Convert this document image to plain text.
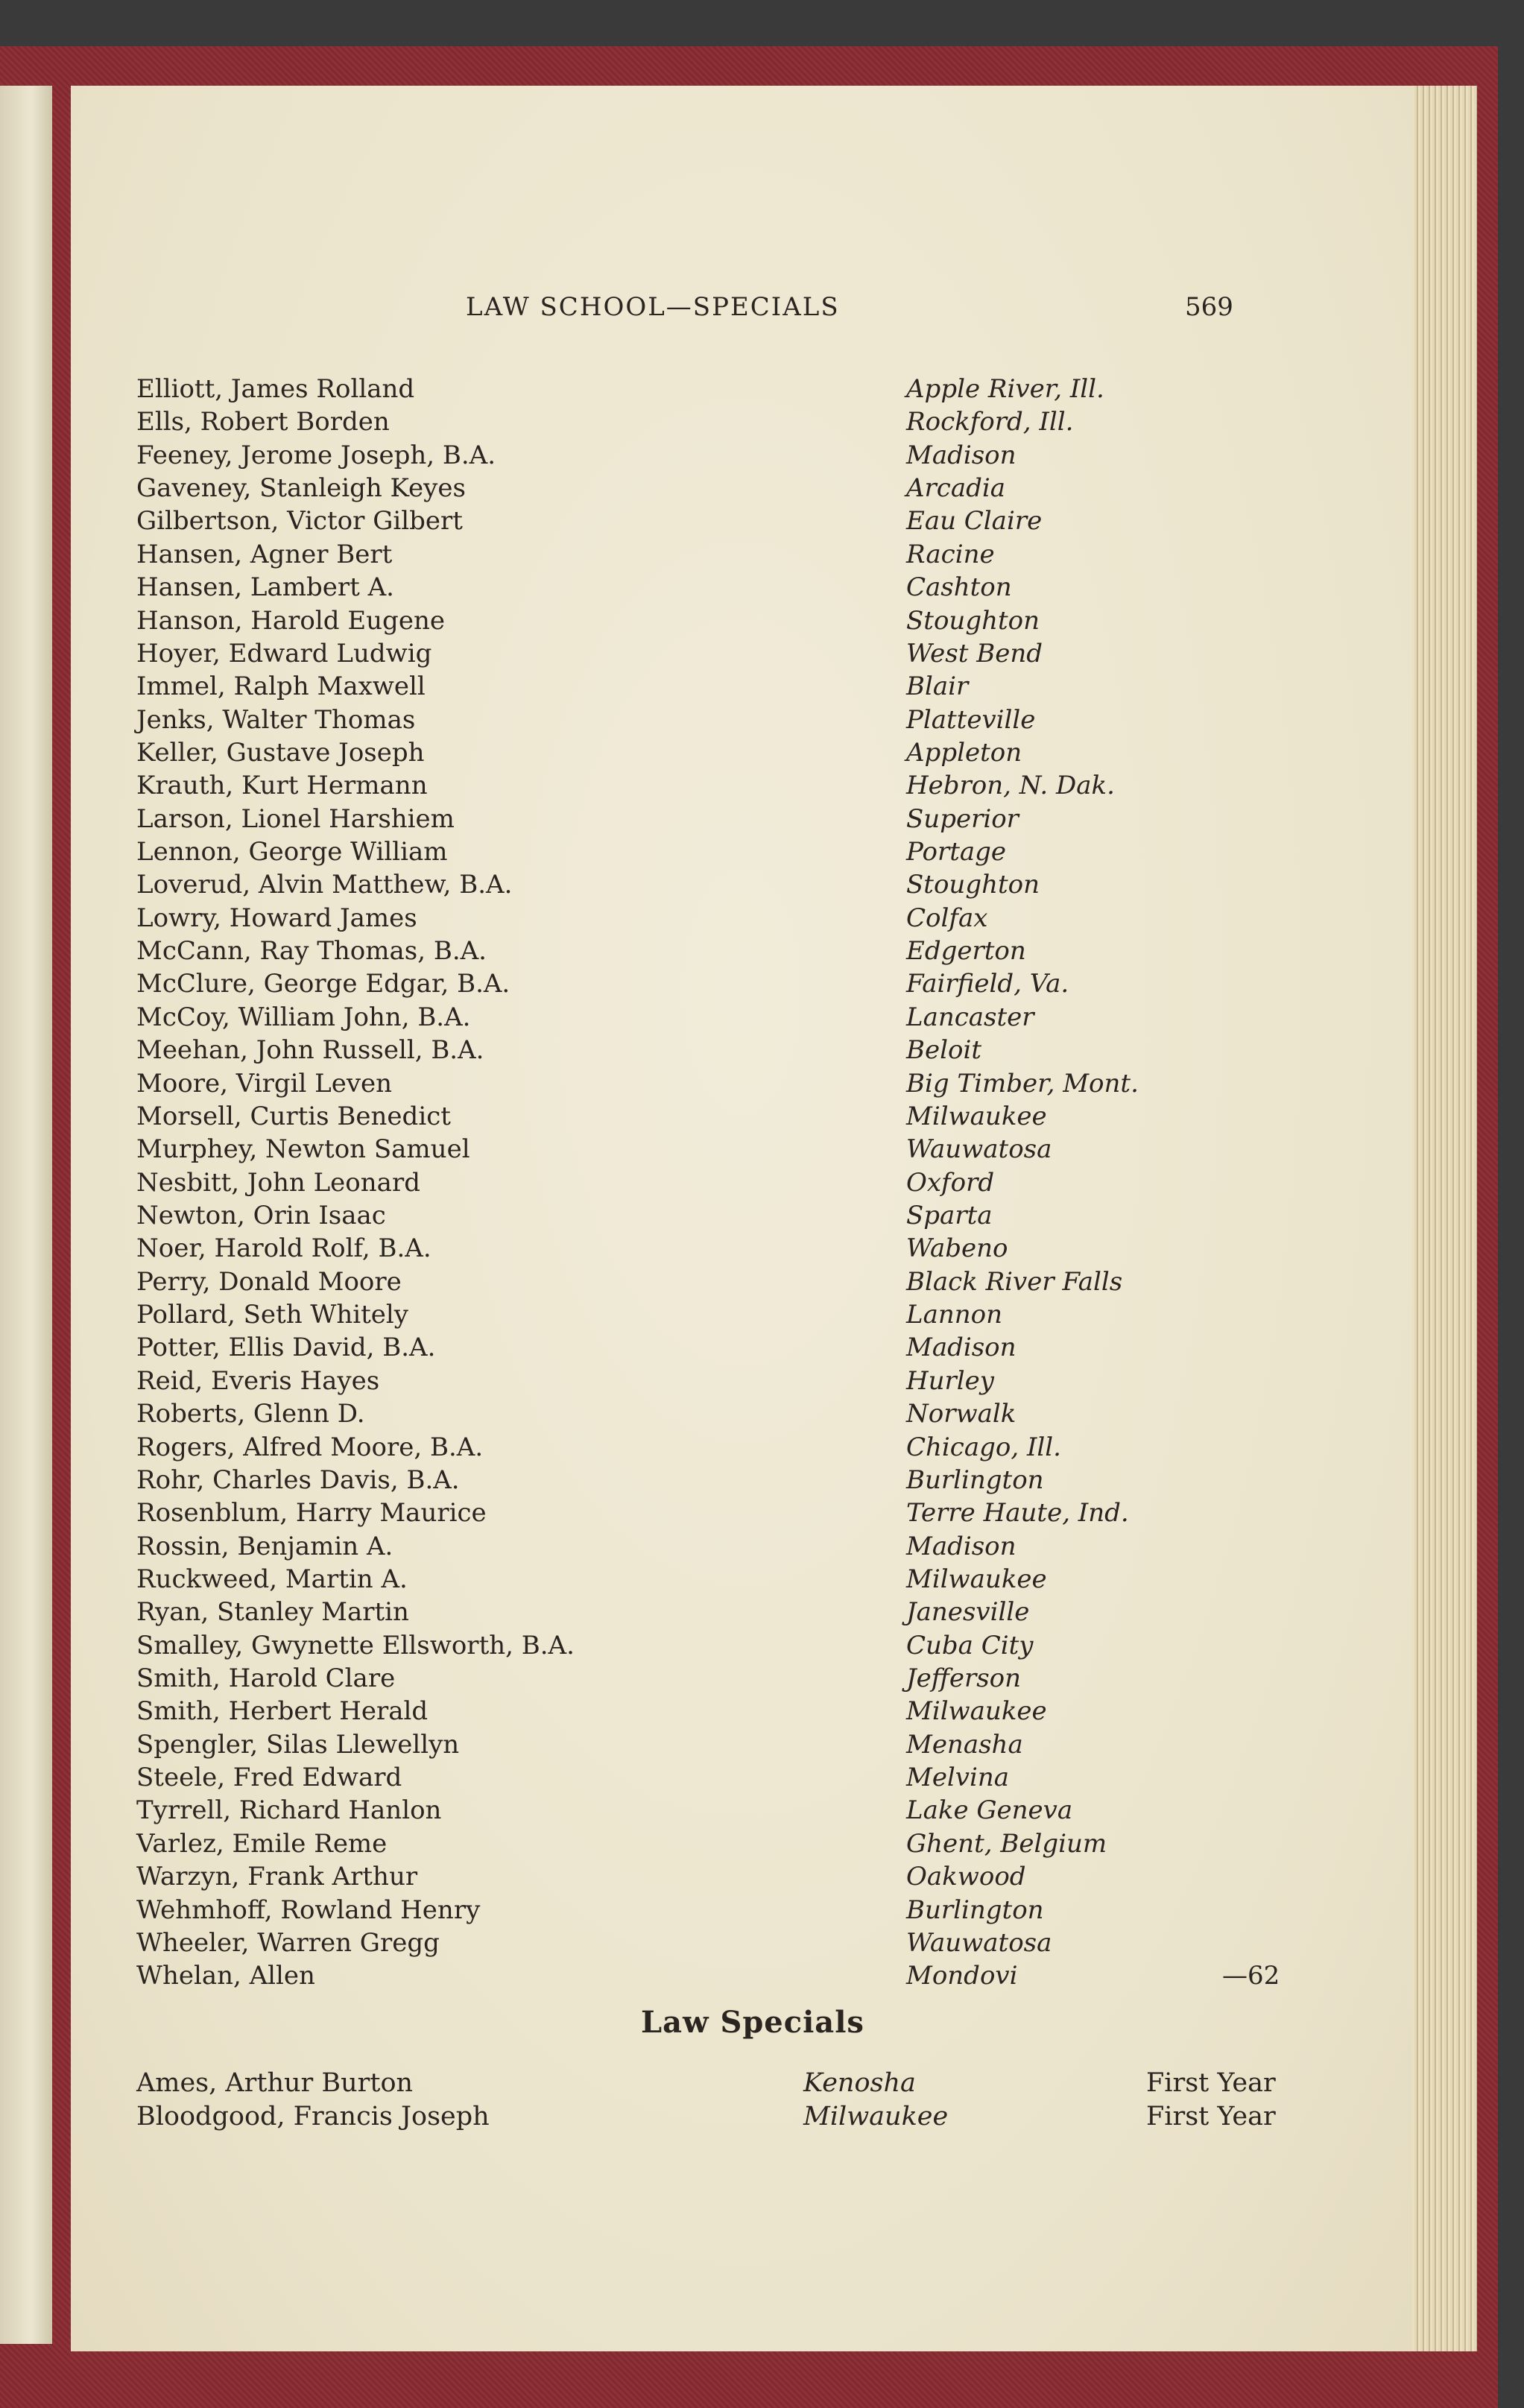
LAW SCHOOL—SPECIALS	569
Elliott, James Rolland	Apple River, Ill.
Ells, Robert Borden	Rockford, Ill.
Feeney, Jerome Joseph, B.A.	Madison
Gaveney, Stanleigh Keyes	Arcadia
Gilbertson, Victor Gilbert	Eau Claire
Hansen, Agner Bert	Racine
Hansen, Lambert A.	Cashton
Hanson, Harold Eugene	Stoughton
Hoyer, Edward Ludwig	West Bend
Immel, Ralph Maxwell	Blair
Jenks, Walter Thomas	Platteville
Keller, Gustave Joseph	Appleton
Krauth, Kurt Hermann	Hebron, N. Dak.
Larson, Lionel Harshiem	Superior
Lennon, George William	Portage
Loverud, Alvin Matthew, B.A.	Stoughton
Lowry, Howard James	Colfax
McCann, Ray Thomas, B.A.	Edgerton
McClure, George Edgar, B.A.	Fairfield, Va.
McCoy, William John, B.A.	Lancaster
Meehan, John Russell, B.A.	Beloit
Moore, Virgil Leven	Big Timber, Mont.
Morsell, Curtis Benedict	Milwaukee
Murphey, Newton Samuel	Wauwatosa
Nesbitt, John Leonard	Oxford
Newton, Orin Isaac	Sparta
Noer, Harold Rolf, B.A.	Wabeno
Perry, Donald Moore	Black River Falls
Pollard, Seth Whitely	Lannon
Potter, Ellis David, B.A.	Madison
Reid, Everis Hayes	Hurley
Roberts, Glenn D.	Norwalk
Rogers, Alfred Moore, B.A.	Chicago, Ill.
Rohr, Charles Davis, B.A.	Burlington
Rosenblum, Harry Maurice	Terre Haute, Ind.
Rossin, Benjamin A.	Madison
Ruckweed, Martin A.	Milwaukee
Ryan, Stanley Martin	Janesville
Smalley, Gwynette Ellsworth, B.A.	Cuba City
Smith, Harold Clare	Jefferson
Smith, Herbert Herald	Milwaukee
Spengler, Silas Llewellyn	Menasha
Steele, Fred Edward	Melvina
Tyrrell, Richard Hanlon	Lake Geneva
Varlez, Emile Reme	Ghent, Belgium
Warzyn, Frank Arthur	Oakwood
Wehmhoff, Rowland Henry	Burlington
Wheeler, Warren Gregg	Wauwatosa
Whelan, Allen	Mondovi	—62
Law Specials
Ames, Arthur Burton	Kenosha	First Year
Bloodgood, Francis Joseph	Milwaukee	First Year
